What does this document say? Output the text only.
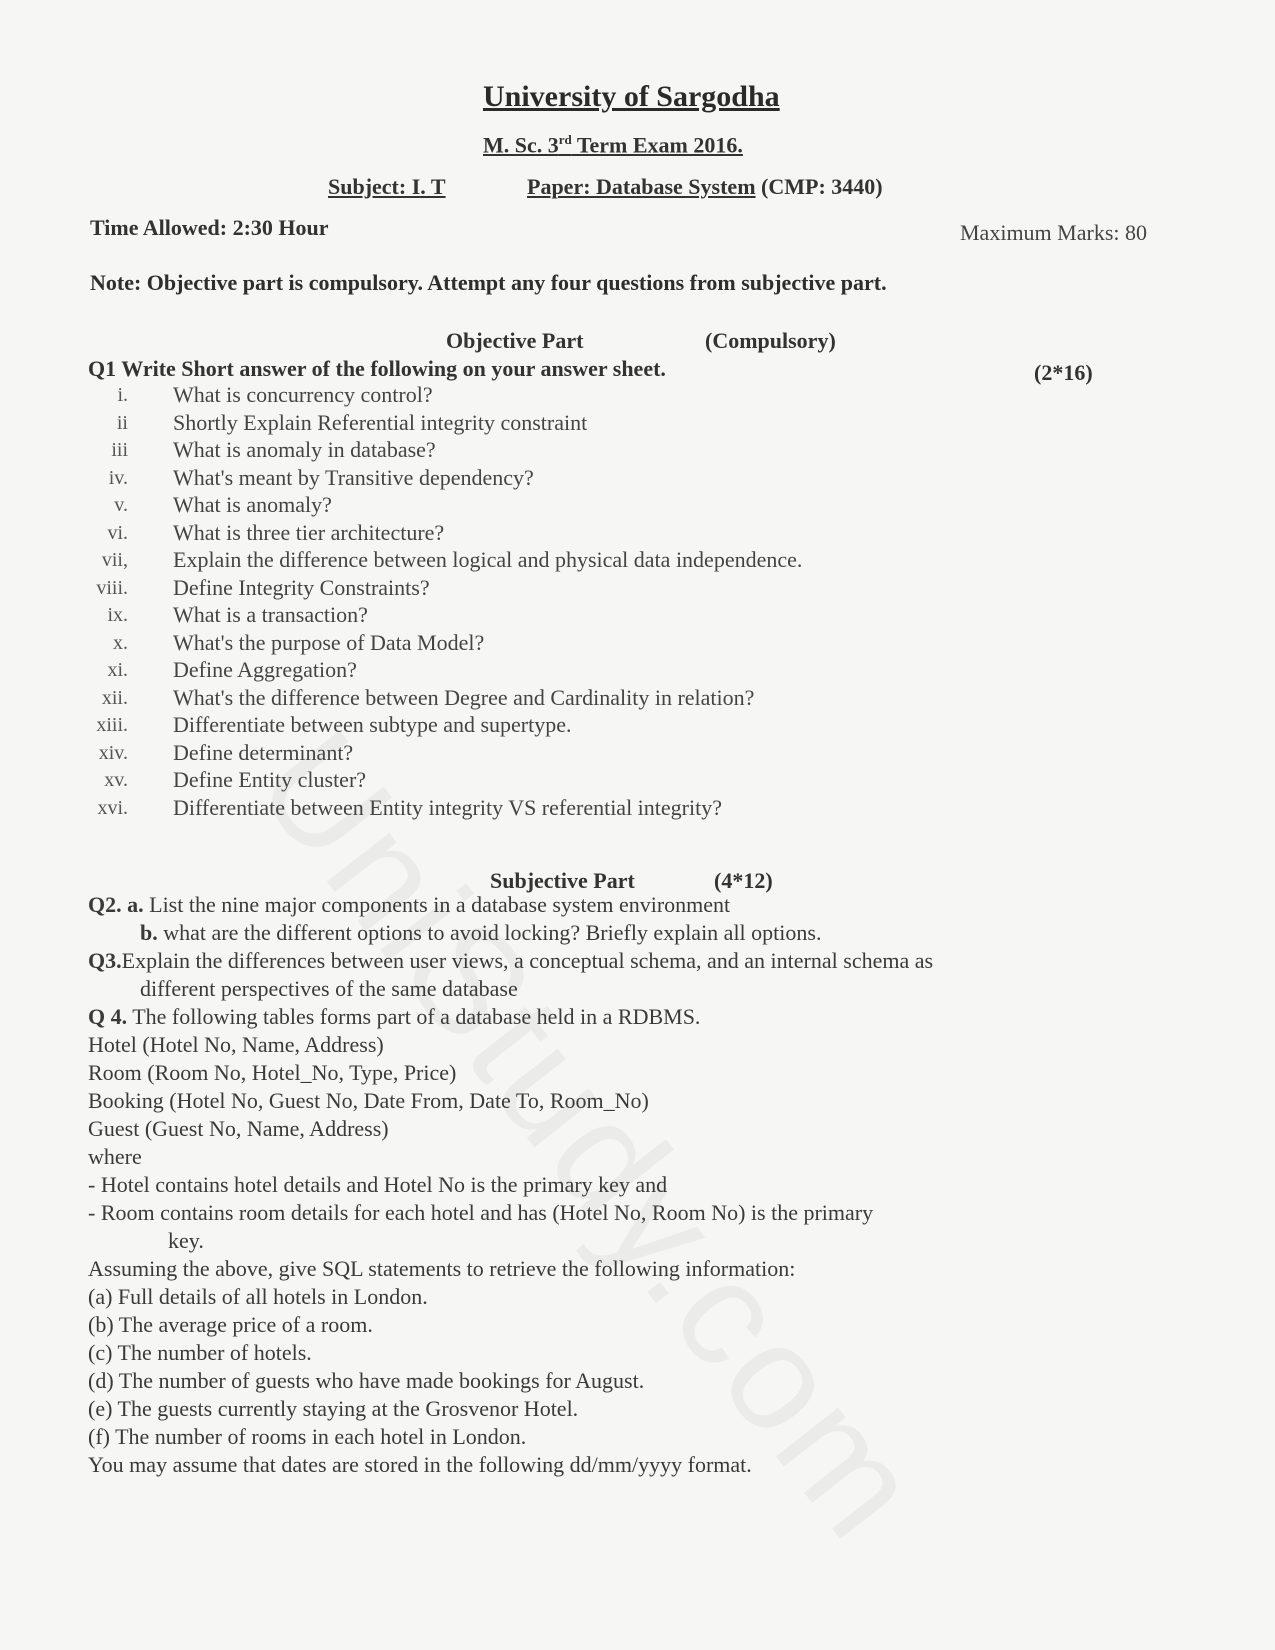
University of Sargodha
M. Sc. 3rd Term Exam 2016.
Subject: I. T	Paper: Database System (CMP: 3440)
Time Allowed: 2:30 Hour	Maximum Marks: 80
Note: Objective part is compulsory. Attempt any four questions from subjective part.
Objective Part	(Compulsory)
Q1 Write Short answer of the following on your answer sheet.	(2*16)
i. What is concurrency control?
ii Shortly Explain Referential integrity constraint
iii What is anomaly in database?
iv. What's meant by Transitive dependency?
v. What is anomaly?
vi. What is three tier architecture?
vii, Explain the difference between logical and physical data independence.
viii. Define Integrity Constraints?
ix. What is a transaction?
x. What's the purpose of Data Model?
xi. Define Aggregation?
xii. What's the difference between Degree and Cardinality in relation?
xiii. Differentiate between subtype and supertype.
xiv. Define determinant?
xv. Define Entity cluster?
xvi. Differentiate between Entity integrity VS referential integrity?
Subjective Part	(4*12)
Q2. a. List the nine major components in a database system environment
b. what are the different options to avoid locking? Briefly explain all options.
Q3.Explain the differences between user views, a conceptual schema, and an internal schema as
different perspectives of the same database
Q 4. The following tables forms part of a database held in a RDBMS.
Hotel (Hotel No, Name, Address)
Room (Room No, Hotel_No, Type, Price)
Booking (Hotel No, Guest No, Date From, Date To, Room_No)
Guest (Guest No, Name, Address)
where
- Hotel contains hotel details and Hotel No is the primary key and
- Room contains room details for each hotel and has (Hotel No, Room No) is the primary
key.
Assuming the above, give SQL statements to retrieve the following information:
(a) Full details of all hotels in London.
(b) The average price of a room.
(c) The number of hotels.
(d) The number of guests who have made bookings for August.
(e) The guests currently staying at the Grosvenor Hotel.
(f) The number of rooms in each hotel in London.
You may assume that dates are stored in the following dd/mm/yyyy format.
